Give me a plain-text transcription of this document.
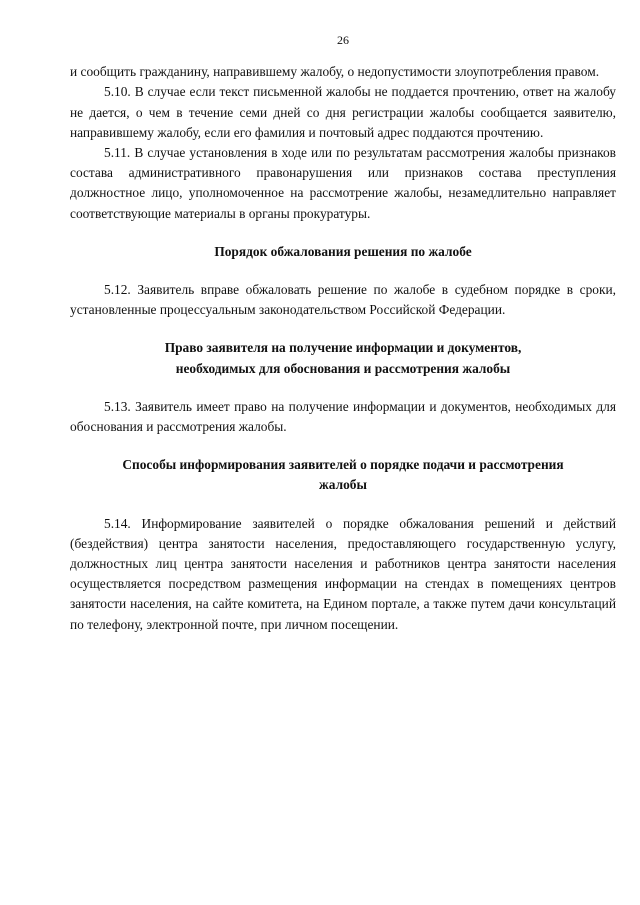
26

и сообщить гражданину, направившему жалобу, о недопустимости злоупотребления правом.

5.10. В случае если текст письменной жалобы не поддается прочтению, ответ на жалобу не дается, о чем в течение семи дней со дня регистрации жалобы сообщается заявителю, направившему жалобу, если его фамилия и почтовый адрес поддаются прочтению.

5.11. В случае установления в ходе или по результатам рассмотрения жалобы признаков состава административного правонарушения или признаков состава преступления должностное лицо, уполномоченное на рассмотрение жалобы, незамедлительно направляет соответствующие материалы в органы прокуратуры.

Порядок обжалования решения по жалобе

5.12. Заявитель вправе обжаловать решение по жалобе в судебном порядке в сроки, установленные процессуальным законодательством Российской Федерации.

Право заявителя на получение информации и документов,
необходимых для обоснования и рассмотрения жалобы

5.13. Заявитель имеет право на получение информации и документов, необходимых для обоснования и рассмотрения жалобы.

Способы информирования заявителей о порядке подачи и рассмотрения
жалобы

5.14. Информирование заявителей о порядке обжалования решений и действий (бездействия) центра занятости населения, предоставляющего государственную услугу, должностных лиц центра занятости населения и работников центра занятости населения осуществляется посредством размещения информации на стендах в помещениях центров занятости населения, на сайте комитета, на Едином портале, а также путем дачи консультаций по телефону, электронной почте, при личном посещении.
